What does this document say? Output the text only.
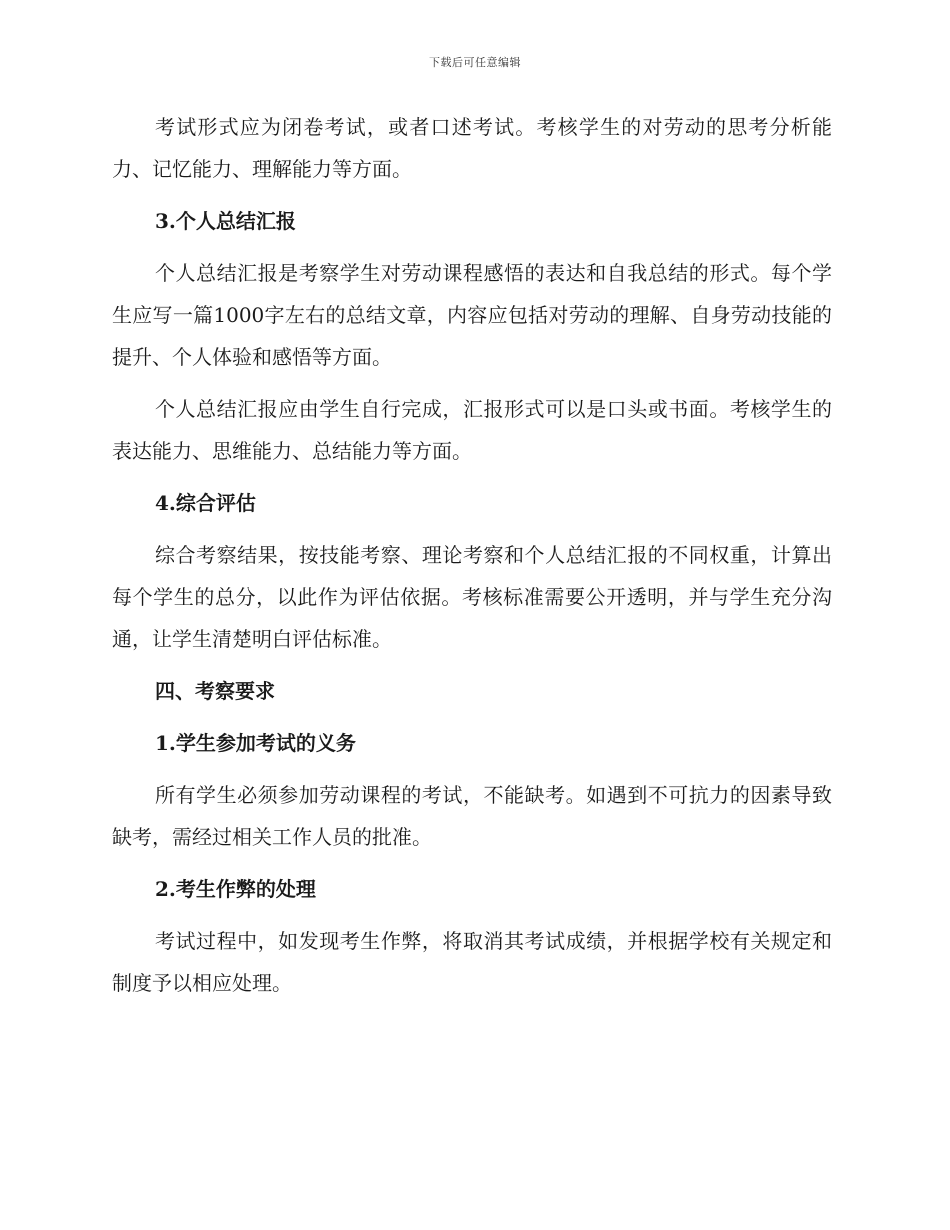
下载后可任意编辑

考试形式应为闭卷考试，或者口述考试。考核学生的对劳动的思考分析能力、记忆能力、理解能力等方面。

3.个人总结汇报

个人总结汇报是考察学生对劳动课程感悟的表达和自我总结的形式。每个学生应写一篇1000字左右的总结文章，内容应包括对劳动的理解、自身劳动技能的提升、个人体验和感悟等方面。

个人总结汇报应由学生自行完成，汇报形式可以是口头或书面。考核学生的表达能力、思维能力、总结能力等方面。

4.综合评估

综合考察结果，按技能考察、理论考察和个人总结汇报的不同权重，计算出每个学生的总分，以此作为评估依据。考核标准需要公开透明，并与学生充分沟通，让学生清楚明白评估标准。

四、考察要求

1.学生参加考试的义务

所有学生必须参加劳动课程的考试，不能缺考。如遇到不可抗力的因素导致缺考，需经过相关工作人员的批准。

2.考生作弊的处理

考试过程中，如发现考生作弊，将取消其考试成绩，并根据学校有关规定和制度予以相应处理。
